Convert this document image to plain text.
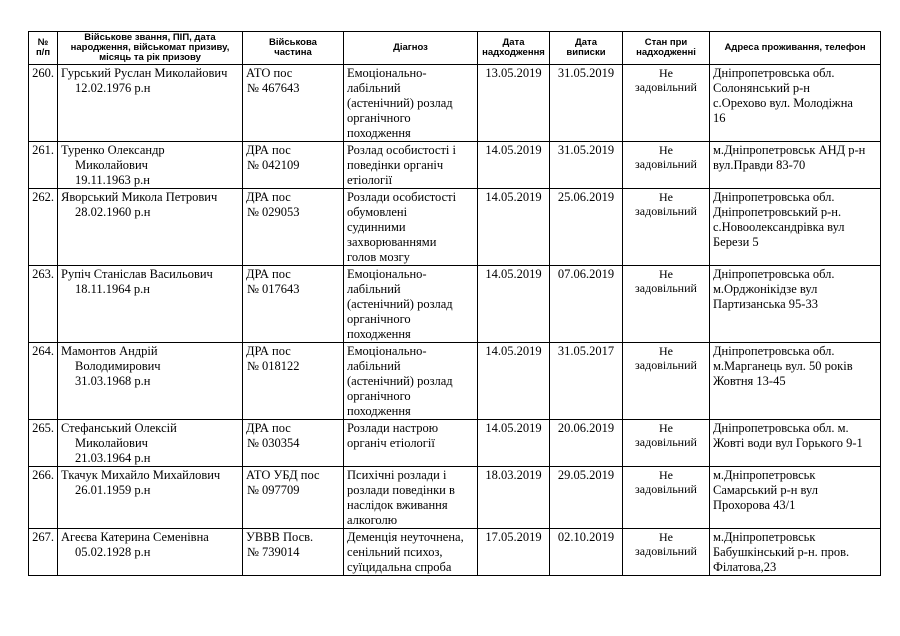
№
п/п	Військове звання, ПІП, дата
народження, військомат призиву,
місяць та рік призову	Військова
частина	Діагноз	Дата
надходження	Дата
виписки	Стан при
надходженні	Адреса проживання, телефон

260.	Гурський Руслан Миколайович
12.02.1976 р.н	АТО пос
№ 467643	Емоціонально-
лабільний
(астенічний) розлад
органічного
походження	13.05.2019	31.05.2019	Не
задовільний	Дніпропетровська обл.
Солонянський р-н
с.Орехово вул. Молодіжна
16

261.	Туренко Олександр
Миколайович
19.11.1963 р.н	ДРА пос
№ 042109	Розлад особистості і
поведінки органіч
етіології	14.05.2019	31.05.2019	Не
задовільний	м.Дніпропетровськ АНД р-н
вул.Правди 83-70

262.	Яворський Микола Петрович
28.02.1960 р.н	ДРА пос
№ 029053	Розлади особистості
обумовлені
судинними
захворюваннями
голов мозгу	14.05.2019	25.06.2019	Не
задовільний	Дніпропетровська обл.
Дніпропетровський р-н.
с.Новоолександрівка вул
Берези 5

263.	Рупіч Станіслав Васильович
18.11.1964 р.н	ДРА пос
№ 017643	Емоціонально-
лабільний
(астенічний) розлад
органічного
походження	14.05.2019	07.06.2019	Не
задовільний	Дніпропетровська обл.
м.Орджонікідзе вул
Партизанська 95-33

264.	Мамонтов Андрій
Володимирович
31.03.1968 р.н	ДРА пос
№ 018122	Емоціонально-
лабільний
(астенічний) розлад
органічного
походження	14.05.2019	31.05.2017	Не
задовільний	Дніпропетровська обл.
м.Марганець вул. 50 років
Жовтня 13-45

265.	Стефанський Олексій
Миколайович
21.03.1964 р.н	ДРА пос
№ 030354	Розлади настрою
органіч етіології	14.05.2019	20.06.2019	Не
задовільний	Дніпропетровська обл. м.
Жовті води вул Горького 9-1

266.	Ткачук Михайло Михайлович
26.01.1959 р.н	АТО УБД пос
№ 097709	Психічні розлади і
розлади поведінки в
наслідок вживання
алкоголю	18.03.2019	29.05.2019	Не
задовільний	м.Дніпропетровськ
Самарський р-н вул
Прохорова 43/1

267.	Агеєва Катерина Семенівна
05.02.1928 р.н	УВВВ Посв.
№ 739014	Деменція неуточнена,
сенільний психоз,
суїцидальна спроба	17.05.2019	02.10.2019	Не
задовільний	м.Дніпропетровськ
Бабушкінський р-н. пров.
Філатова,23
